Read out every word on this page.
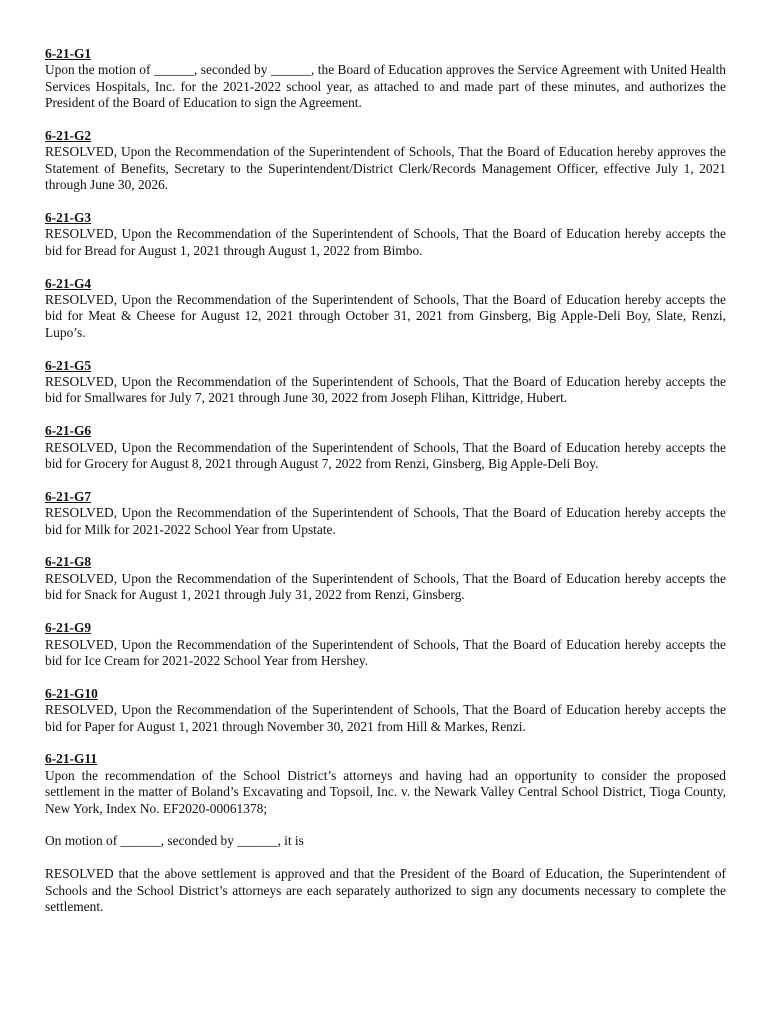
6-21-G1
Upon the motion of ______, seconded by ______, the Board of Education approves the Service Agreement with United Health Services Hospitals, Inc. for the 2021-2022 school year, as attached to and made part of these minutes, and authorizes the President of the Board of Education to sign the Agreement.
6-21-G2
RESOLVED, Upon the Recommendation of the Superintendent of Schools, That the Board of Education hereby approves the Statement of Benefits, Secretary to the Superintendent/District Clerk/Records Management Officer, effective July 1, 2021 through June 30, 2026.
6-21-G3
RESOLVED, Upon the Recommendation of the Superintendent of Schools, That the Board of Education hereby accepts the bid for Bread for August 1, 2021 through August 1, 2022 from Bimbo.
6-21-G4
RESOLVED, Upon the Recommendation of the Superintendent of Schools, That the Board of Education hereby accepts the bid for Meat & Cheese for August 12, 2021 through October 31, 2021 from Ginsberg, Big Apple-Deli Boy, Slate, Renzi, Lupo’s.
6-21-G5
RESOLVED, Upon the Recommendation of the Superintendent of Schools, That the Board of Education hereby accepts the bid for Smallwares for July 7, 2021 through June 30, 2022 from Joseph Flihan, Kittridge, Hubert.
6-21-G6
RESOLVED, Upon the Recommendation of the Superintendent of Schools, That the Board of Education hereby accepts the bid for Grocery for August 8, 2021 through August 7, 2022 from Renzi, Ginsberg, Big Apple-Deli Boy.
6-21-G7
RESOLVED, Upon the Recommendation of the Superintendent of Schools, That the Board of Education hereby accepts the bid for Milk for 2021-2022 School Year from Upstate.
6-21-G8
RESOLVED, Upon the Recommendation of the Superintendent of Schools, That the Board of Education hereby accepts the bid for Snack for August 1, 2021 through July 31, 2022 from Renzi, Ginsberg.
6-21-G9
RESOLVED, Upon the Recommendation of the Superintendent of Schools, That the Board of Education hereby accepts the bid for Ice Cream for 2021-2022 School Year from Hershey.
6-21-G10
RESOLVED, Upon the Recommendation of the Superintendent of Schools, That the Board of Education hereby accepts the bid for Paper for August 1, 2021 through November 30, 2021 from Hill & Markes, Renzi.
6-21-G11
Upon the recommendation of the School District’s attorneys and having had an opportunity to consider the proposed settlement in the matter of Boland’s Excavating and Topsoil, Inc. v. the Newark Valley Central School District, Tioga County, New York, Index No. EF2020-00061378;
On motion of ______, seconded by ______, it is
RESOLVED that the above settlement is approved and that the President of the Board of Education, the Superintendent of Schools and the School District’s attorneys are each separately authorized to sign any documents necessary to complete the settlement.
